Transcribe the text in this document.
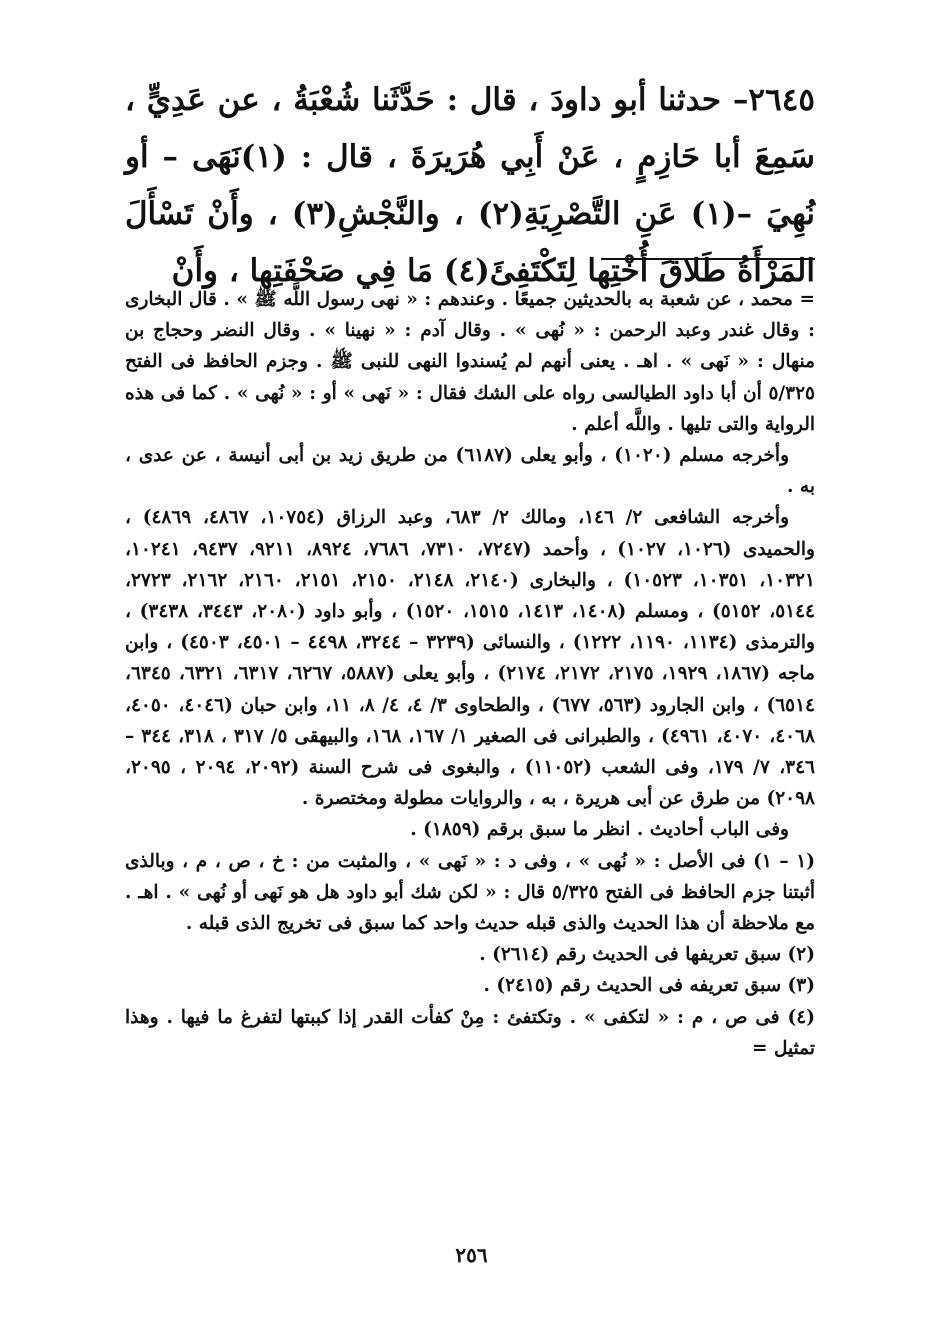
٢٦٤٥– حدثنا أبو داودَ ، قال : حَدَّثَنا شُعْبَةُ ، عن عَدِيٍّ ، سَمِعَ أبا حَازِمٍ ، عَنْ أَبِي هُرَيرَةَ ، قال : (١)نَهَى – أو نُهِيَ –(١) عَنِ التَّصْرِيَةِ(٢) ، والنَّجْشِ(٣) ، وأَنْ تَسْأَلَ المَرْأَةُ طَلاقَ أُخْتِها لِتَكْتَفِئَ(٤) مَا فِي صَحْفَتِها ، وأَنْ

= محمد ، عن شعبة به بالحديثين جميعًا . وعندهم : « نهى رسول اللَّه ﷺ » . قال البخارى : وقال غندر وعبد الرحمن : « نُهى » . وقال آدم : « نهينا » . وقال النضر وحجاج بن منهال : « نَهى » . اهـ . يعنى أنهم لم يُسندوا النهى للنبى ﷺ . وجزم الحافظ فى الفتح ٥/٣٢٥ أن أبا داود الطيالسى رواه على الشك فقال : « نَهى » أو : « نُهى » . كما فى هذه الرواية والتى تليها . واللَّه أعلم .

وأخرجه مسلم (١٠٢٠) ، وأبو يعلى (٦١٨٧) من طريق زيد بن أبى أنيسة ، عن عدى ، به .

وأخرجه الشافعى ٢/ ١٤٦، ومالك ٢/ ٦٨٣، وعبد الرزاق (١٠٧٥٤، ٤٨٦٧، ٤٨٦٩) ، والحميدى (١٠٢٦، ١٠٢٧) ، وأحمد (٧٢٤٧، ٧٣١٠، ٧٦٨٦، ٨٩٢٤، ٩٢١١، ٩٤٣٧، ١٠٢٤١، ١٠٣٢١، ١٠٣٥١، ١٠٥٢٣) ، والبخارى (٢١٤٠، ٢١٤٨، ٢١٥٠، ٢١٥١، ٢١٦٠، ٢١٦٢، ٢٧٢٣، ٥١٤٤، ٥١٥٢) ، ومسلم (١٤٠٨، ١٤١٣، ١٥١٥، ١٥٢٠) ، وأبو داود (٢٠٨٠، ٣٤٤٣، ٣٤٣٨) ، والترمذى (١١٣٤، ١١٩٠، ١٢٢٢) ، والنسائى (٣٢٣٩ – ٣٢٤٤، ٤٤٩٨ – ٤٥٠١، ٤٥٠٣) ، وابن ماجه (١٨٦٧، ١٩٢٩، ٢١٧٥، ٢١٧٢، ٢١٧٤) ، وأبو يعلى (٥٨٨٧، ٦٢٦٧، ٦٣١٧، ٦٣٢١، ٦٣٤٥، ٦٥١٤) ، وابن الجارود (٥٦٣، ٦٧٧) ، والطحاوى ٣/ ٤، ٤/ ٨، ١١، وابن حبان (٤٠٤٦، ٤٠٥٠، ٤٠٦٨، ٤٠٧٠، ٤٩٦١) ، والطبرانى فى الصغير ١/ ١٦٧، ١٦٨، والبيهقى ٥/ ٣١٧ ، ٣١٨، ٣٤٤ – ٣٤٦، ٧/ ١٧٩، وفى الشعب (١١٠٥٢) ، والبغوى فى شرح السنة (٢٠٩٢، ٢٠٩٤ ، ٢٠٩٥، ٢٠٩٨) من طرق عن أبى هريرة ، به ، والروايات مطولة ومختصرة .

وفى الباب أحاديث . انظر ما سبق برقم (١٨٥٩) .

(١ – ١) فى الأصل : « نُهى » ، وفى د : « نَهى » ، والمثبت من : خ ، ص ، م ، وبالذى أثبتنا جزم الحافظ فى الفتح ٥/٣٢٥ قال : « لكن شك أبو داود هل هو نَهى أو نُهى » . اهـ . مع ملاحظة أن هذا الحديث والذى قبله حديث واحد كما سبق فى تخريج الذى قبله .

(٢) سبق تعريفها فى الحديث رقم (٢٦١٤) .

(٣) سبق تعريفه فى الحديث رقم (٢٤١٥) .

(٤) فى ص ، م : « لتكفى » . وتكتفئ : مِنْ كفأت القدر إذا كببتها لتفرغ ما فيها . وهذا تمثيل =

٢٥٦
